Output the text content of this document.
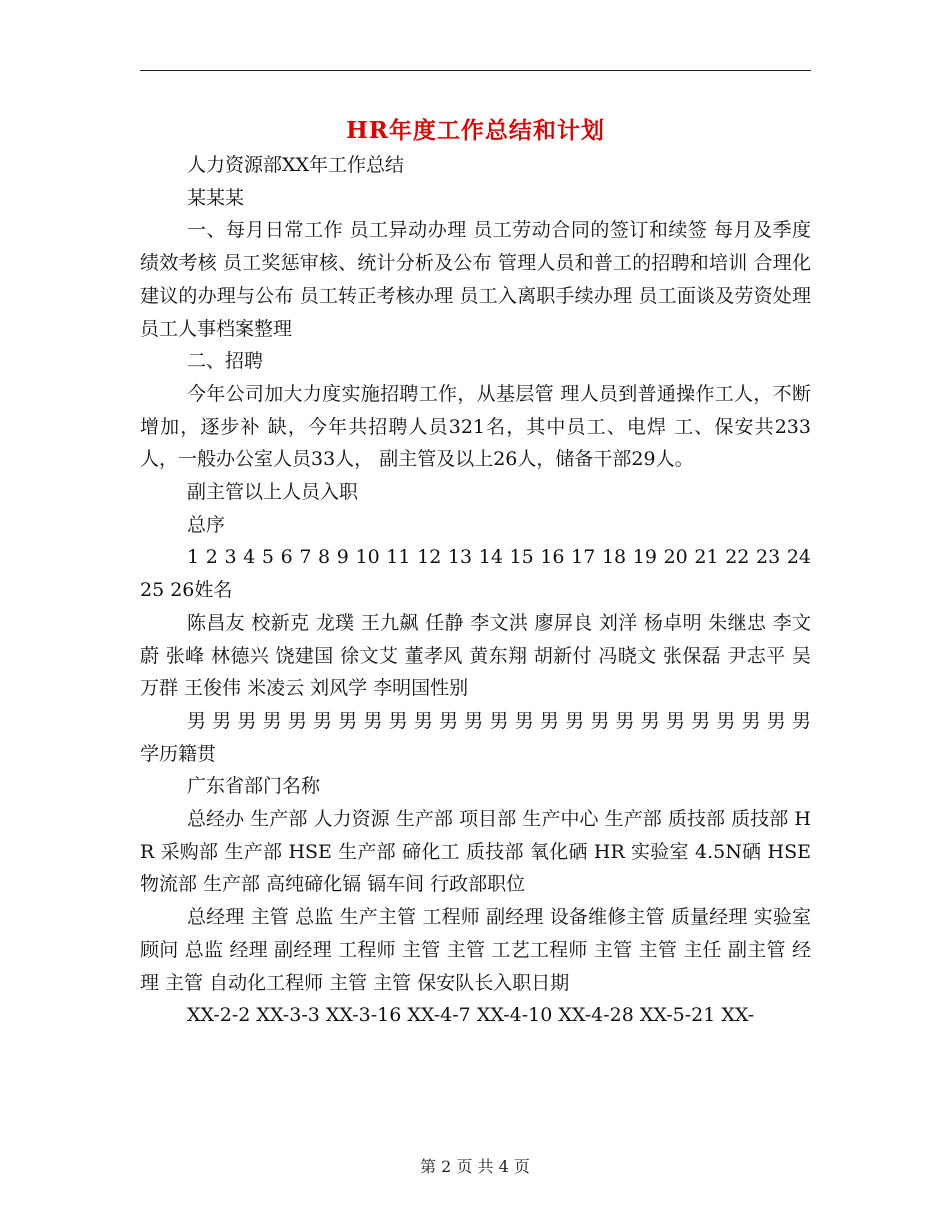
HR年度工作总结和计划

人力资源部XX年工作总结

某某某

一、每月日常工作 员工异动办理 员工劳动合同的签订和续签 每月及季度绩效考核 员工奖惩审核、统计分析及公布 管理人员和普工的招聘和培训 合理化建议的办理与公布 员工转正考核办理 员工入离职手续办理 员工面谈及劳资处理 员工人事档案整理

二、招聘

今年公司加大力度实施招聘工作，从基层管 理人员到普通操作工人，不断增加，逐步补 缺，今年共招聘人员321名，其中员工、电焊 工、保安共233人，一般办公室人员33人， 副主管及以上26人，储备干部29人。

副主管以上人员入职

总序

1 2 3 4 5 6 7 8 9 10 11 12 13 14 15 16 17 18 19 20 21 22 23 24 25 26姓名

陈昌友 校新克 龙璞 王九飙 任静 李文洪 廖屏良 刘洋 杨卓明 朱继忠 李文蔚 张峰 林德兴 饶建国 徐文艾 董孝风 黄东翔 胡新付 冯晓文 张保磊 尹志平 吴万群 王俊伟 米凌云 刘风学 李明国性别

男 男 男 男 男 男 男 男 男 男 男 男 男 男 男 男 男 男 男 男 男 男 男 男 男学历籍贯

广东省部门名称

总经办 生产部 人力资源 生产部 项目部 生产中心 生产部 质技部 质技部 HR 采购部 生产部 HSE 生产部 碲化工 质技部 氧化硒 HR 实验室 4.5N硒 HSE 物流部 生产部 高纯碲化镉 镉车间 行政部职位

总经理 主管 总监 生产主管 工程师 副经理 设备维修主管 质量经理 实验室顾问 总监 经理 副经理 工程师 主管 主管 工艺工程师 主管 主管 主任 副主管 经理 主管 自动化工程师 主管 主管 保安队长入职日期

XX-2-2 XX-3-3 XX-3-16 XX-4-7 XX-4-10 XX-4-28 XX-5-21 XX-

第 2 页 共 4 页
